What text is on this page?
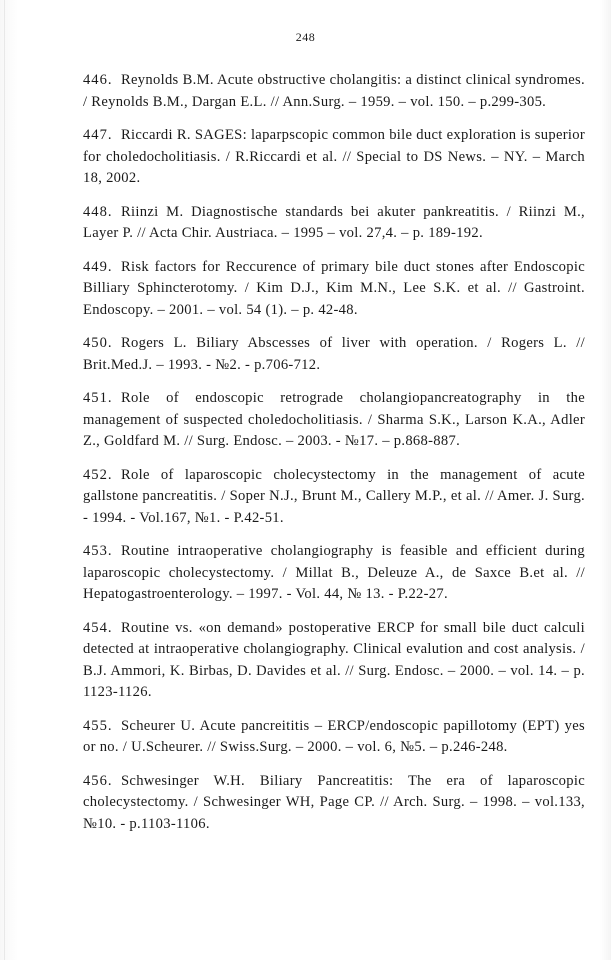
248
446. Reynolds B.M. Acute obstructive cholangitis: a distinct clinical syndromes. / Reynolds B.M., Dargan E.L. // Ann.Surg. – 1959. – vol. 150. – p.299-305.
447. Riccardi R. SAGES: laparpscopic common bile duct exploration is superior for choledocholitiasis. / R.Riccardi et al. // Special to DS News. – NY. – March 18, 2002.
448. Riinzi M. Diagnostische standards bei akuter pankreatitis. / Riinzi M., Layer P. // Acta Chir. Austriaca. – 1995 – vol. 27,4. – p. 189-192.
449. Risk factors for Reccurence of primary bile duct stones after Endoscopic Billiary Sphincterotomy. / Kim D.J., Kim M.N., Lee S.K. et al. // Gastroint. Endoscopy. – 2001. – vol. 54 (1). – p. 42-48.
450. Rogers L. Biliary Abscesses of liver with operation. / Rogers L. // Brit.Med.J. – 1993. - №2. - p.706-712.
451. Role of endoscopic retrograde cholangiopancreatography in the management of suspected choledocholitiasis. / Sharma S.K., Larson K.A., Adler Z., Goldfard M. // Surg. Endosc. – 2003. - №17. – p.868-887.
452. Role of laparoscopic cholecystectomy in the management of acute gallstone pancreatitis. / Soper N.J., Brunt M., Callery M.P., et al. // Amer. J. Surg. - 1994. - Vol.167, №1. - P.42-51.
453. Routine intraoperative cholangiography is feasible and efficient during laparoscopic cholecystectomy. / Millat B., Deleuze A., de Saxce B.et al. // Hepatogastroenterology. – 1997. - Vol. 44, № 13. - P.22-27.
454. Routine vs. «on demand» postoperative ERCP for small bile duct calculi detected at intraoperative cholangiography. Clinical evalution and cost analysis. / B.J. Ammori, K. Birbas, D. Davides et al. // Surg. Endosc. – 2000. – vol. 14. – p. 1123-1126.
455. Scheurer U. Acute pancreititis – ERCP/endoscopic papillotomy (EPT) yes or no. / U.Scheurer. // Swiss.Surg. – 2000. – vol. 6, №5. – p.246-248.
456. Schwesinger W.H. Biliary Pancreatitis: The era of laparoscopic cholecystectomy. / Schwesinger WH, Page CP. // Arch. Surg. – 1998. – vol.133, №10. - p.1103-1106.
